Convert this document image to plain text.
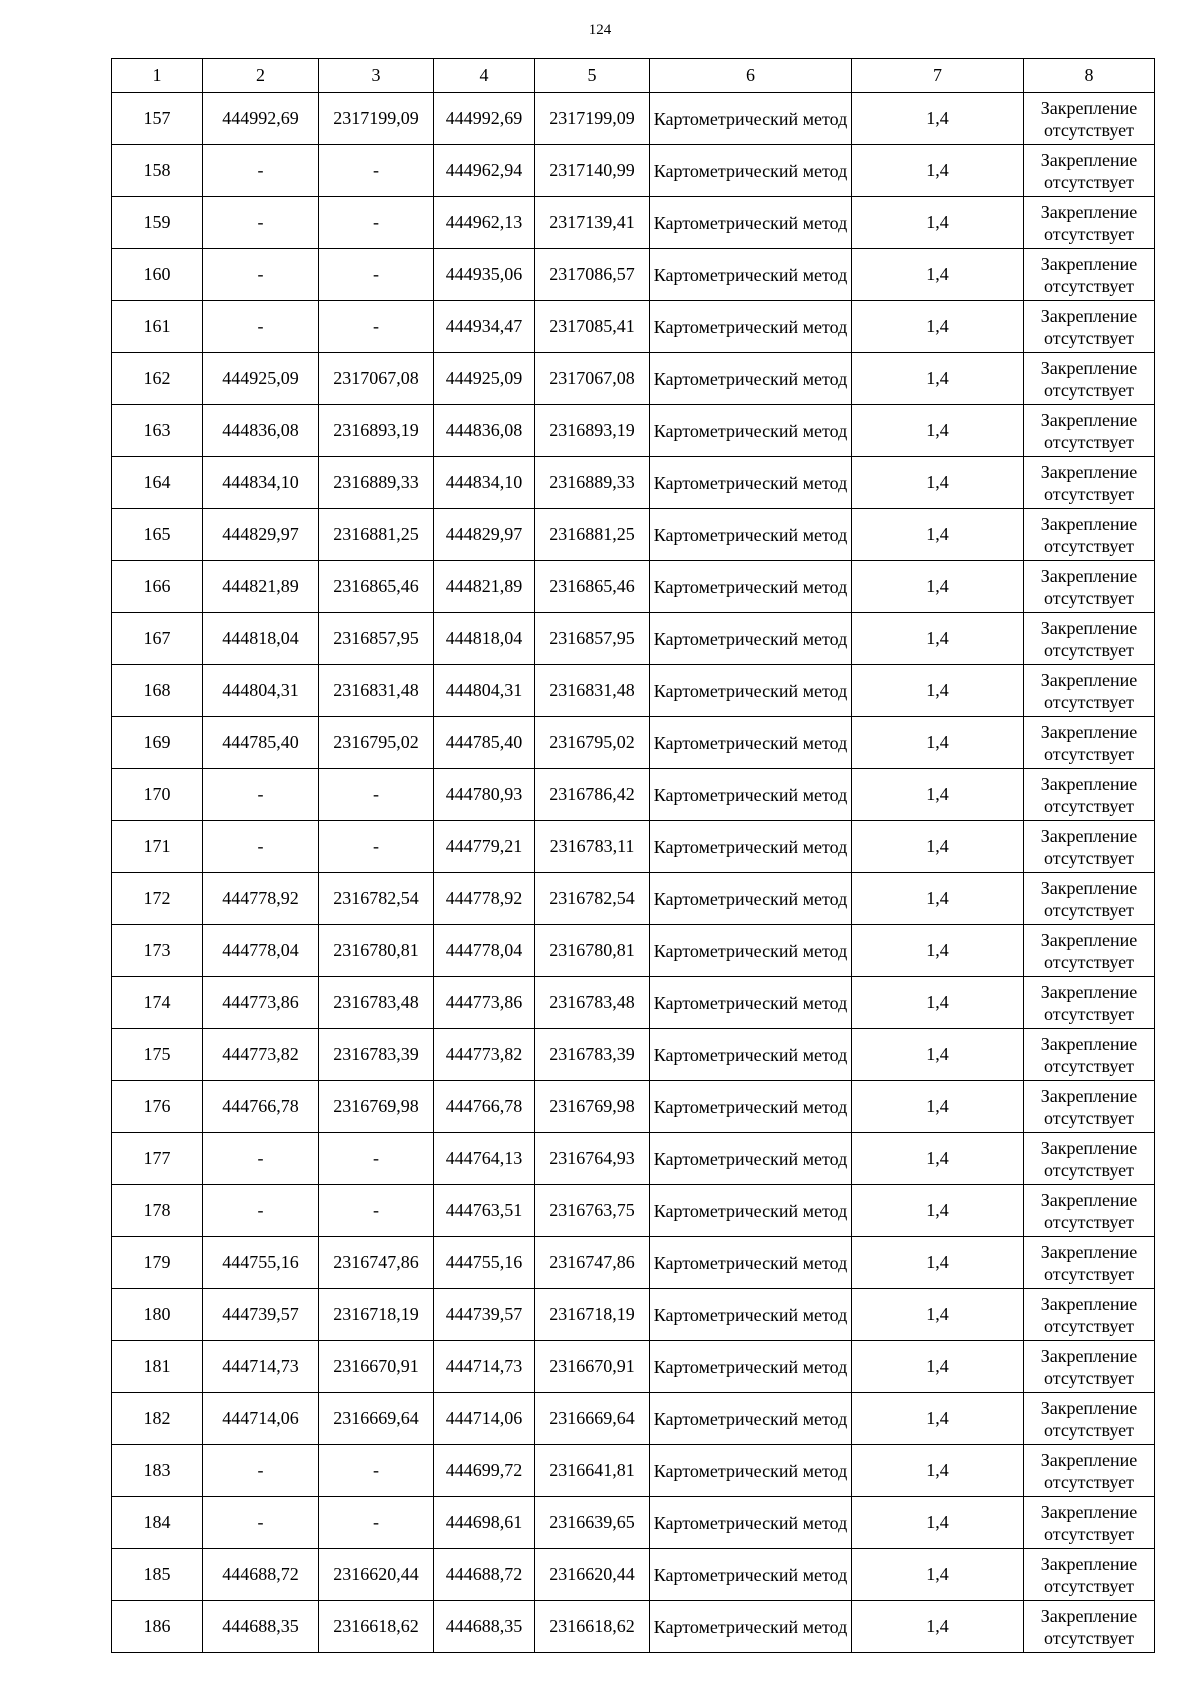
124
1	2	3	4	5	6	7	8
157	444992,69	2317199,09	444992,69	2317199,09	Картометрический метод	1,4	Закрепление отсутствует
158	-	-	444962,94	2317140,99	Картометрический метод	1,4	Закрепление отсутствует
159	-	-	444962,13	2317139,41	Картометрический метод	1,4	Закрепление отсутствует
160	-	-	444935,06	2317086,57	Картометрический метод	1,4	Закрепление отсутствует
161	-	-	444934,47	2317085,41	Картометрический метод	1,4	Закрепление отсутствует
162	444925,09	2317067,08	444925,09	2317067,08	Картометрический метод	1,4	Закрепление отсутствует
163	444836,08	2316893,19	444836,08	2316893,19	Картометрический метод	1,4	Закрепление отсутствует
164	444834,10	2316889,33	444834,10	2316889,33	Картометрический метод	1,4	Закрепление отсутствует
165	444829,97	2316881,25	444829,97	2316881,25	Картометрический метод	1,4	Закрепление отсутствует
166	444821,89	2316865,46	444821,89	2316865,46	Картометрический метод	1,4	Закрепление отсутствует
167	444818,04	2316857,95	444818,04	2316857,95	Картометрический метод	1,4	Закрепление отсутствует
168	444804,31	2316831,48	444804,31	2316831,48	Картометрический метод	1,4	Закрепление отсутствует
169	444785,40	2316795,02	444785,40	2316795,02	Картометрический метод	1,4	Закрепление отсутствует
170	-	-	444780,93	2316786,42	Картометрический метод	1,4	Закрепление отсутствует
171	-	-	444779,21	2316783,11	Картометрический метод	1,4	Закрепление отсутствует
172	444778,92	2316782,54	444778,92	2316782,54	Картометрический метод	1,4	Закрепление отсутствует
173	444778,04	2316780,81	444778,04	2316780,81	Картометрический метод	1,4	Закрепление отсутствует
174	444773,86	2316783,48	444773,86	2316783,48	Картометрический метод	1,4	Закрепление отсутствует
175	444773,82	2316783,39	444773,82	2316783,39	Картометрический метод	1,4	Закрепление отсутствует
176	444766,78	2316769,98	444766,78	2316769,98	Картометрический метод	1,4	Закрепление отсутствует
177	-	-	444764,13	2316764,93	Картометрический метод	1,4	Закрепление отсутствует
178	-	-	444763,51	2316763,75	Картометрический метод	1,4	Закрепление отсутствует
179	444755,16	2316747,86	444755,16	2316747,86	Картометрический метод	1,4	Закрепление отсутствует
180	444739,57	2316718,19	444739,57	2316718,19	Картометрический метод	1,4	Закрепление отсутствует
181	444714,73	2316670,91	444714,73	2316670,91	Картометрический метод	1,4	Закрепление отсутствует
182	444714,06	2316669,64	444714,06	2316669,64	Картометрический метод	1,4	Закрепление отсутствует
183	-	-	444699,72	2316641,81	Картометрический метод	1,4	Закрепление отсутствует
184	-	-	444698,61	2316639,65	Картометрический метод	1,4	Закрепление отсутствует
185	444688,72	2316620,44	444688,72	2316620,44	Картометрический метод	1,4	Закрепление отсутствует
186	444688,35	2316618,62	444688,35	2316618,62	Картометрический метод	1,4	Закрепление отсутствует
